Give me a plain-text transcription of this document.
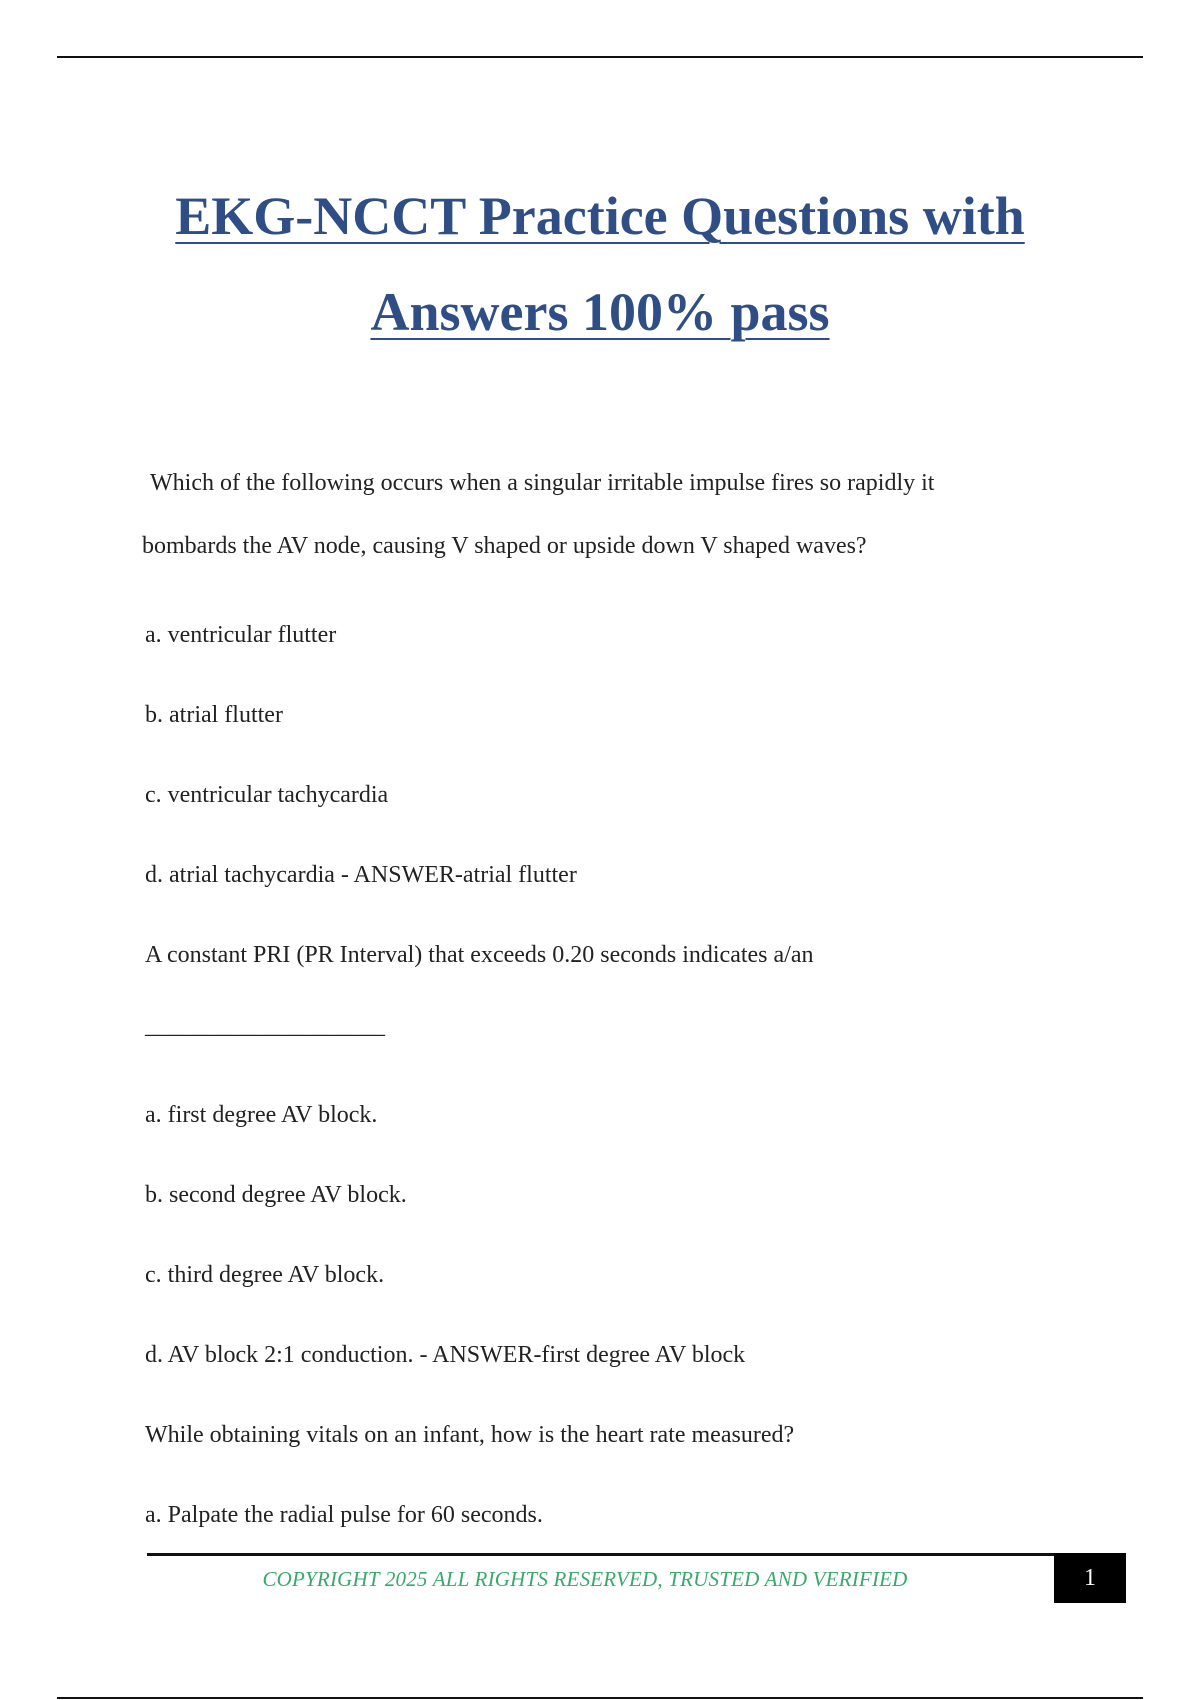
EKG-NCCT Practice Questions with
Answers 100% pass
Which of the following occurs when a singular irritable impulse fires so rapidly it
bombards the AV node, causing V shaped or upside down V shaped waves?

a. ventricular flutter

b. atrial flutter

c. ventricular tachycardia

d. atrial tachycardia - ANSWER-atrial flutter

A constant PRI (PR Interval) that exceeds 0.20 seconds indicates a/an

____________________

a. first degree AV block.

b. second degree AV block.

c. third degree AV block.

d. AV block 2:1 conduction. - ANSWER-first degree AV block

While obtaining vitals on an infant, how is the heart rate measured?

a. Palpate the radial pulse for 60 seconds.

COPYRIGHT 2025 ALL RIGHTS RESERVED, TRUSTED AND VERIFIED	1
